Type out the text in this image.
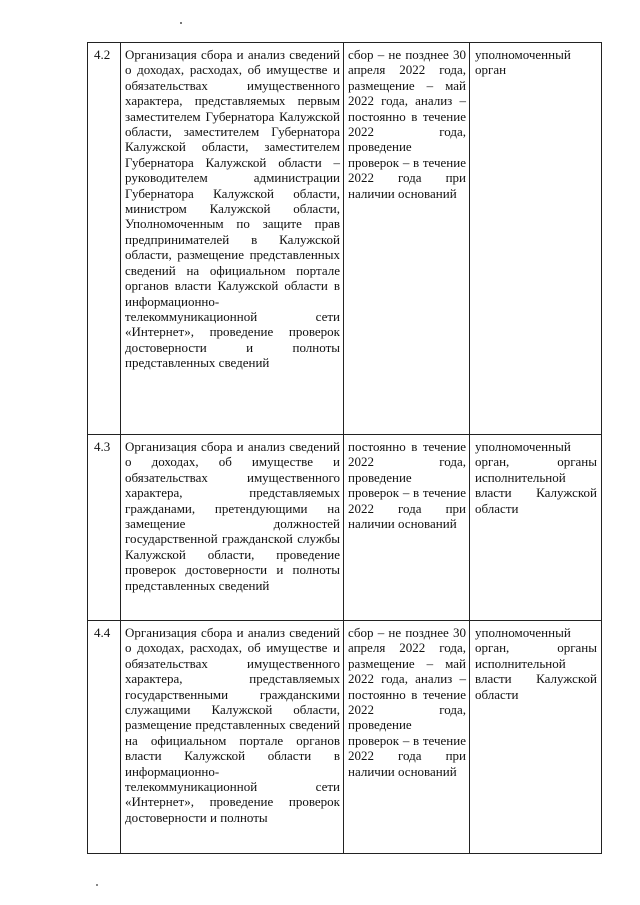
4.2	Организация сбора и анализ сведений о доходах, расходах, об имуществе и обязательствах имущественного характера, представляемых первым заместителем Губернатора Калужской области, заместителем Губернатора Калужской области, заместителем Губернатора Калужской области – руководителем администрации Губернатора Калужской области, министром Калужской области, Уполномоченным по защите прав предпринимателей в Калужской области, размещение представленных сведений на официальном портале органов власти Калужской области в информационно-телекоммуникационной сети «Интернет», проведение проверок достоверности и полноты представленных сведений	сбор – не позднее 30 апреля 2022 года, размещение – май 2022 года, анализ – постоянно в течение 2022 года, проведение проверок – в течение 2022 года при наличии оснований	уполномоченный орган
4.3	Организация сбора и анализ сведений о доходах, об имуществе и обязательствах имущественного характера, представляемых гражданами, претендующими на замещение должностей государственной гражданской службы Калужской области, проведение проверок достоверности и полноты представленных сведений	постоянно в течение 2022 года, проведение проверок – в течение 2022 года при наличии оснований	уполномоченный орган, органы исполнительной власти Калужской области
4.4	Организация сбора и анализ сведений о доходах, расходах, об имуществе и обязательствах имущественного характера, представляемых государственными гражданскими служащими Калужской области, размещение представленных сведений на официальном портале органов власти Калужской области в информационно-телекоммуникационной сети «Интернет», проведение проверок достоверности и полноты	сбор – не позднее 30 апреля 2022 года, размещение – май 2022 года, анализ – постоянно в течение 2022 года, проведение проверок – в течение 2022 года при наличии оснований	уполномоченный орган, органы исполнительной власти Калужской области
